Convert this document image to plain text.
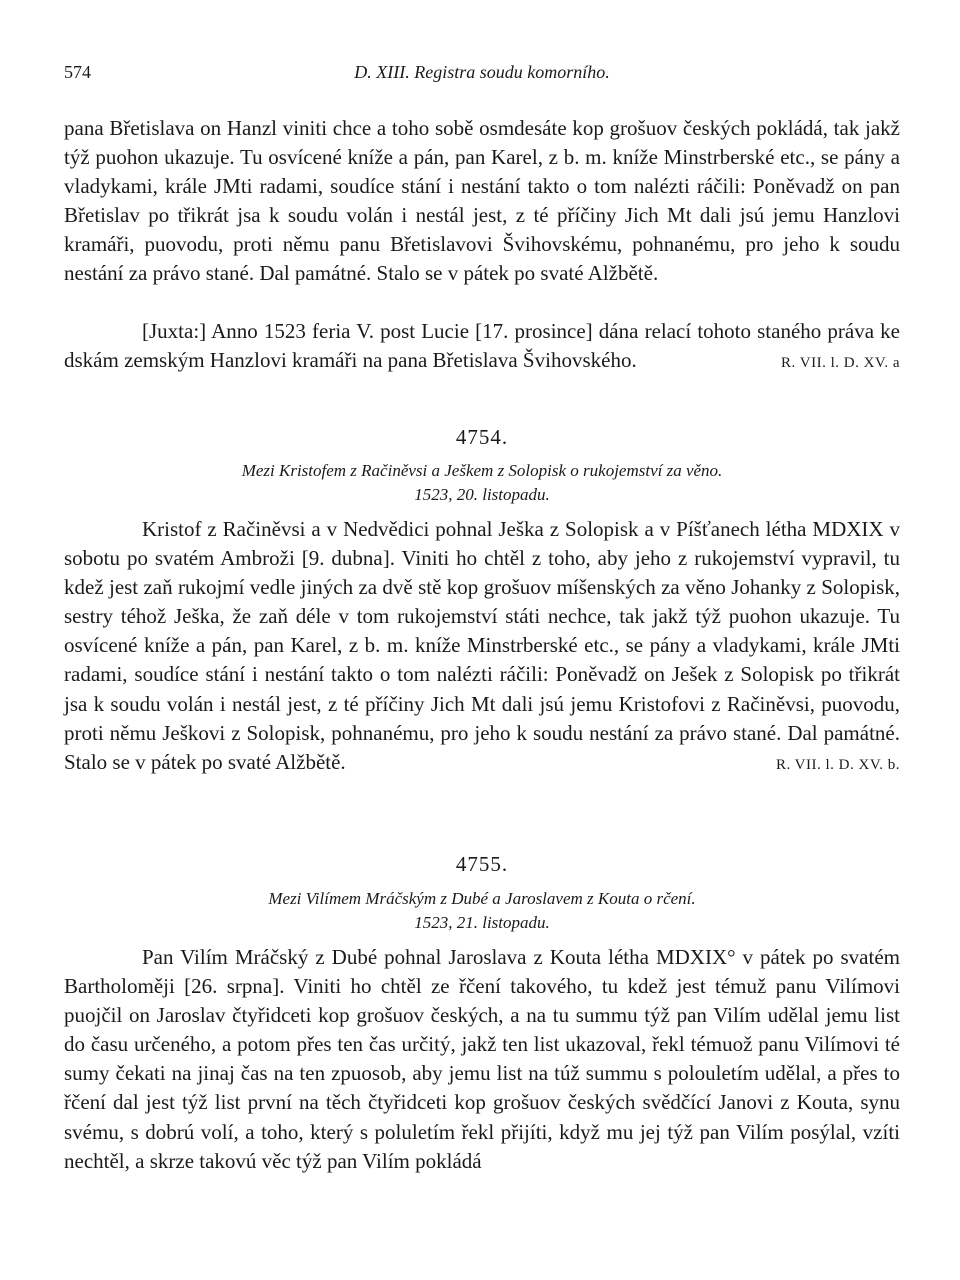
574	D. XIII. Registra soudu komorního.

pana Břetislava on Hanzl viniti chce a toho sobě osmdesáte kop grošuov českých pokládá, tak jakž týž puohon ukazuje. Tu osvícené kníže a pán, pan Karel, z b. m. kníže Minstrberské etc., se pány a vladykami, krále JMti radami, soudíce stání i nestání takto o tom nalézti ráčili: Poněvadž on pan Břetislav po třikrát jsa k soudu volán i nestál jest, z té příčiny Jich Mt dali jsú jemu Hanzlovi kramáři, puovodu, proti němu panu Břetislavovi Švihovskému, pohnanému, pro jeho k soudu nestání za právo stané. Dal památné. Stalo se v pátek po svaté Alžbětě.

[Juxta:] Anno 1523 feria V. post Lucie [17. prosince] dána relací tohoto staného práva ke dskám zemským Hanzlovi kramáři na pana Břetislava Švihovského.	R. VII. l. D. XV. a

4754.

Mezi Kristofem z Račiněvsi a Ješkem z Solopisk o rukojemství za věno.

1523, 20. listopadu.

Kristof z Račiněvsi a v Nedvědici pohnal Ješka z Solopisk a v Píšťanech létha MDXIX v sobotu po svatém Ambroži [9. dubna]. Viniti ho chtěl z toho, aby jeho z rukojemství vypravil, tu kdež jest zaň rukojmí vedle jiných za dvě stě kop grošuov míšenských za věno Johanky z Solopisk, sestry téhož Ješka, že zaň déle v tom rukojemství státi nechce, tak jakž týž puohon ukazuje. Tu osvícené kníže a pán, pan Karel, z b. m. kníže Minstrberské etc., se pány a vladykami, krále JMti radami, soudíce stání i nestání takto o tom nalézti ráčili: Poněvadž on Ješek z Solopisk po třikrát jsa k soudu volán i nestál jest, z té příčiny Jich Mt dali jsú jemu Kristofovi z Račiněvsi, puovodu, proti němu Ješkovi z Solopisk, pohnanému, pro jeho k soudu nestání za právo stané. Dal památné. Stalo se v pátek po svaté Alžbětě.	R. VII. l. D. XV. b.

4755.

Mezi Vilímem Mráčským z Dubé a Jaroslavem z Kouta o rčení.

1523, 21. listopadu.

Pan Vilím Mráčský z Dubé pohnal Jaroslava z Kouta létha MDXIX° v pátek po svatém Bartholoměji [26. srpna]. Viniti ho chtěl ze řčení takového, tu kdež jest témuž panu Vilímovi puojčil on Jaroslav čtyřidceti kop grošuov českých, a na tu summu týž pan Vilím udělal jemu list do času určeného, a potom přes ten čas určitý, jakž ten list ukazoval, řekl témuož panu Vilímovi té sumy čekati na jinaj čas na ten zpuosob, aby jemu list na túž summu s polouletím udělal, a přes to řčení dal jest týž list první na těch čtyřidceti kop grošuov českých svědčící Janovi z Kouta, synu svému, s dobrú volí, a toho, který s poluletím řekl přijíti, když mu jej týž pan Vilím posýlal, vzíti nechtěl, a skrze takovú věc týž pan Vilím pokládá
